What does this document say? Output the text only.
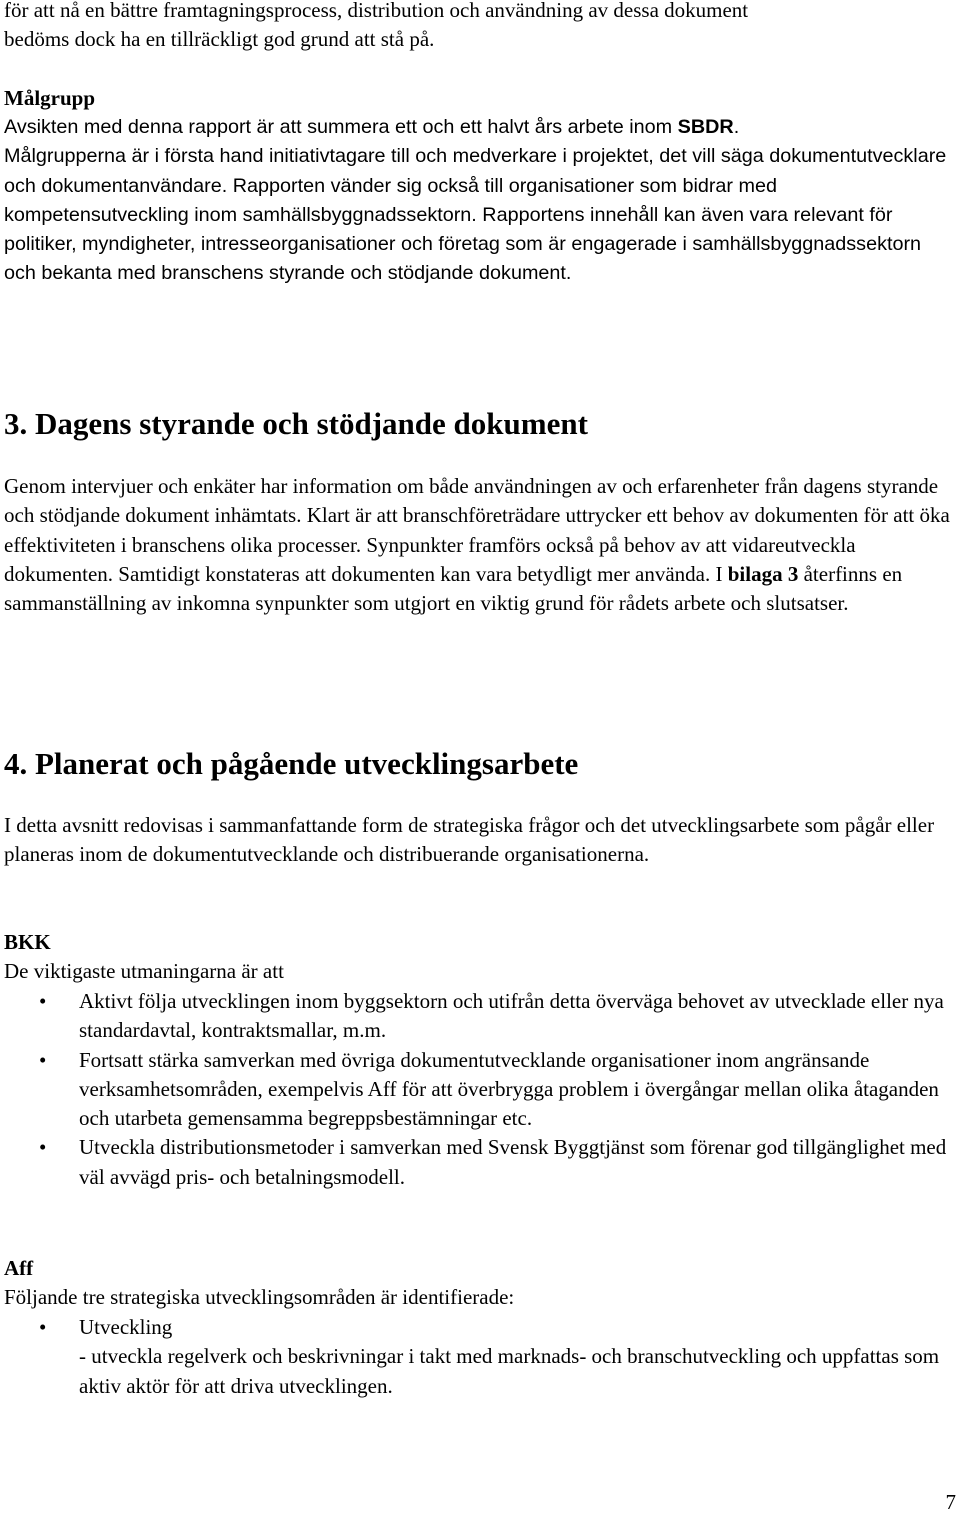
för att nå en bättre framtagningsprocess, distribution och användning av dessa dokument
bedöms dock ha en tillräckligt god grund att stå på.

Målgrupp

Avsikten med denna rapport är att summera ett och ett halvt års arbete inom SBDR.
Målgrupperna är i första hand initiativtagare till och medverkare i projektet, det vill säga dokumentutvecklare och dokumentanvändare. Rapporten vänder sig också till organisationer som bidrar med kompetensutveckling inom samhällsbyggnadssektorn. Rapportens innehåll kan även vara relevant för politiker, myndigheter, intresseorganisationer och företag som är engagerade i samhällsbyggnadssektorn och bekanta med branschens styrande och stödjande dokument.

3. Dagens styrande och stödjande dokument

Genom intervjuer och enkäter har information om både användningen av och erfarenheter från dagens styrande och stödjande dokument inhämtats. Klart är att branschföreträdare uttrycker ett behov av dokumenten för att öka effektiviteten i branschens olika processer. Synpunkter framförs också på behov av att vidareutveckla dokumenten. Samtidigt konstateras att dokumenten kan vara betydligt mer använda. I bilaga 3 återfinns en sammanställning av inkomna synpunkter som utgjort en viktig grund för rådets arbete och slutsatser.

4. Planerat och pågående utvecklingsarbete

I detta avsnitt redovisas i sammanfattande form de strategiska frågor och det utvecklingsarbete som pågår eller planeras inom de dokumentutvecklande och distribuerande organisationerna.

BKK

De viktigaste utmaningarna är att

• Aktivt följa utvecklingen inom byggsektorn och utifrån detta överväga behovet av utvecklade eller nya standardavtal, kontraktsmallar, m.m.
• Fortsatt stärka samverkan med övriga dokumentutvecklande organisationer inom angränsande verksamhetsområden, exempelvis Aff för att överbrygga problem i övergångar mellan olika åtaganden och utarbeta gemensamma begreppsbestämningar etc.
• Utveckla distributionsmetoder i samverkan med Svensk Byggtjänst som förenar god tillgänglighet med väl avvägd pris- och betalningsmodell.

Aff

Följande tre strategiska utvecklingsområden är identifierade:

• Utveckling
- utveckla regelverk och beskrivningar i takt med marknads- och branschutveckling och uppfattas som aktiv aktör för att driva utvecklingen.
7
